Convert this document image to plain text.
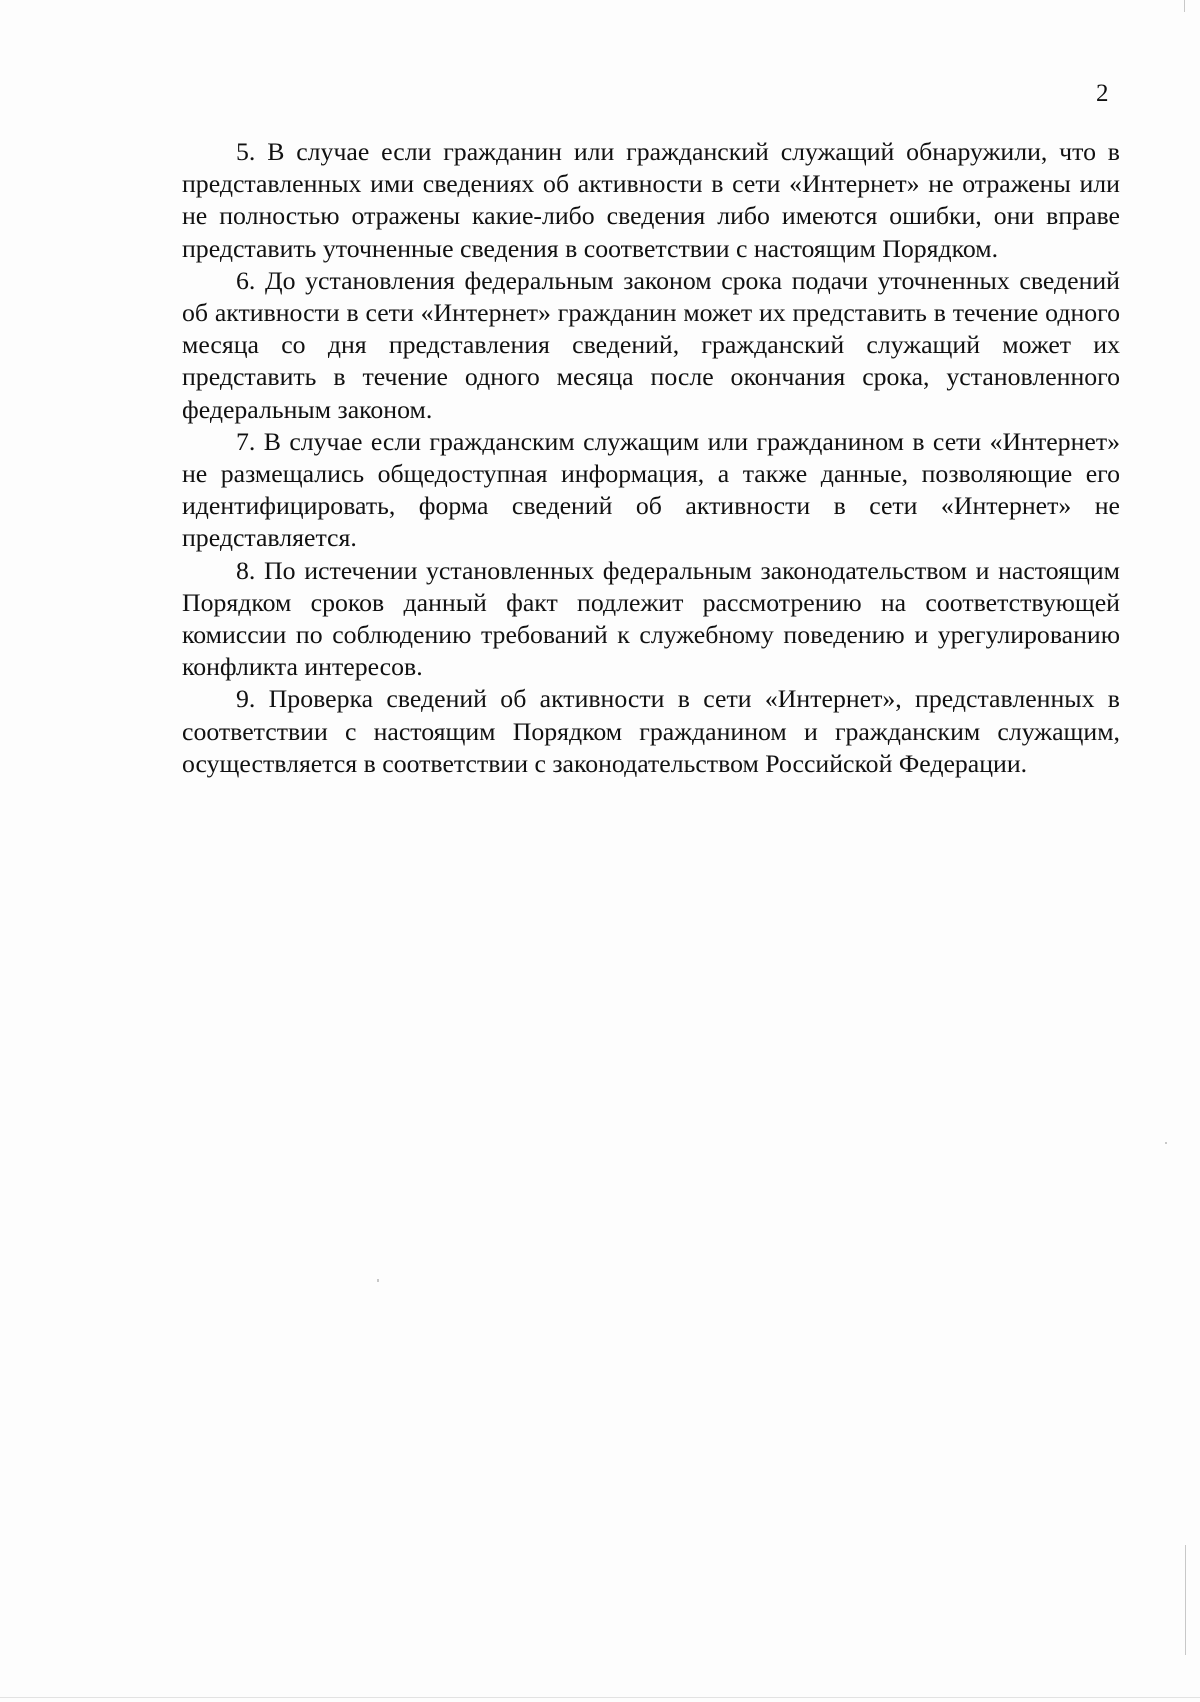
2

5. В случае если гражданин или гражданский служащий обнаружили, что в представленных ими сведениях об активности в сети «Интернет» не отражены или не полностью отражены какие-либо сведения либо имеются ошибки, они вправе представить уточненные сведения в соответствии с настоящим Порядком.

6. До установления федеральным законом срока подачи уточненных сведений об активности в сети «Интернет» гражданин может их представить в течение одного месяца со дня представления сведений, гражданский служащий может их представить в течение одного месяца после окончания срока, установленного федеральным законом.

7. В случае если гражданским служащим или гражданином в сети «Интернет» не размещались общедоступная информация, а также данные, позволяющие его идентифицировать, форма сведений об активности в сети «Интернет» не представляется.

8. По истечении установленных федеральным законодательством и настоящим Порядком сроков данный факт подлежит рассмотрению на соответствующей комиссии по соблюдению требований к служебному поведению и урегулированию конфликта интересов.

9. Проверка сведений об активности в сети «Интернет», представленных в соответствии с настоящим Порядком гражданином и гражданским служащим, осуществляется в соответствии с законодательством Российской Федерации.
